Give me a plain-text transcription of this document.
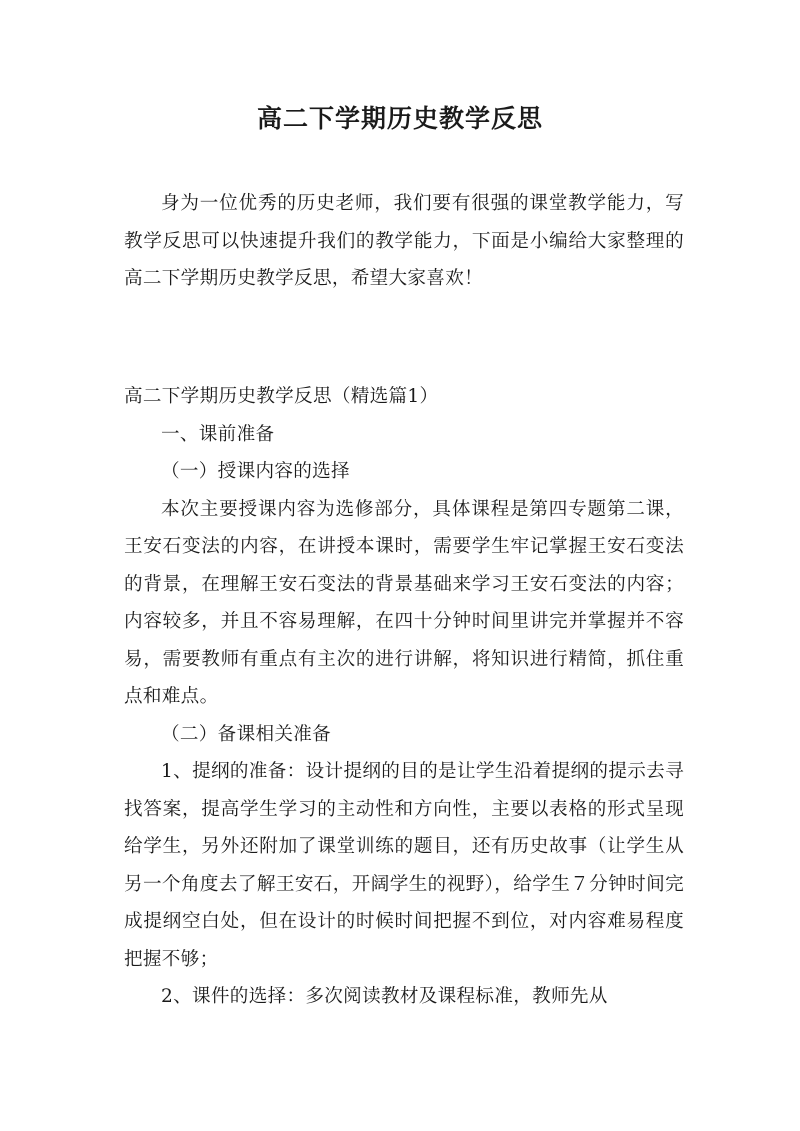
高二下学期历史教学反思

身为一位优秀的历史老师，我们要有很强的课堂教学能力，写教学反思可以快速提升我们的教学能力，下面是小编给大家整理的高二下学期历史教学反思，希望大家喜欢！

高二下学期历史教学反思（精选篇1）

一、课前准备

（一）授课内容的选择

本次主要授课内容为选修部分，具体课程是第四专题第二课，王安石变法的内容，在讲授本课时，需要学生牢记掌握王安石变法的背景，在理解王安石变法的背景基础来学习王安石变法的内容；内容较多，并且不容易理解，在四十分钟时间里讲完并掌握并不容易，需要教师有重点有主次的进行讲解，将知识进行精简，抓住重点和难点。

（二）备课相关准备

1、提纲的准备：设计提纲的目的是让学生沿着提纲的提示去寻找答案，提高学生学习的主动性和方向性，主要以表格的形式呈现给学生，另外还附加了课堂训练的题目，还有历史故事（让学生从另一个角度去了解王安石，开阔学生的视野），给学生７分钟时间完成提纲空白处，但在设计的时候时间把握不到位，对内容难易程度把握不够；

2、课件的选择：多次阅读教材及课程标准，教师先从
